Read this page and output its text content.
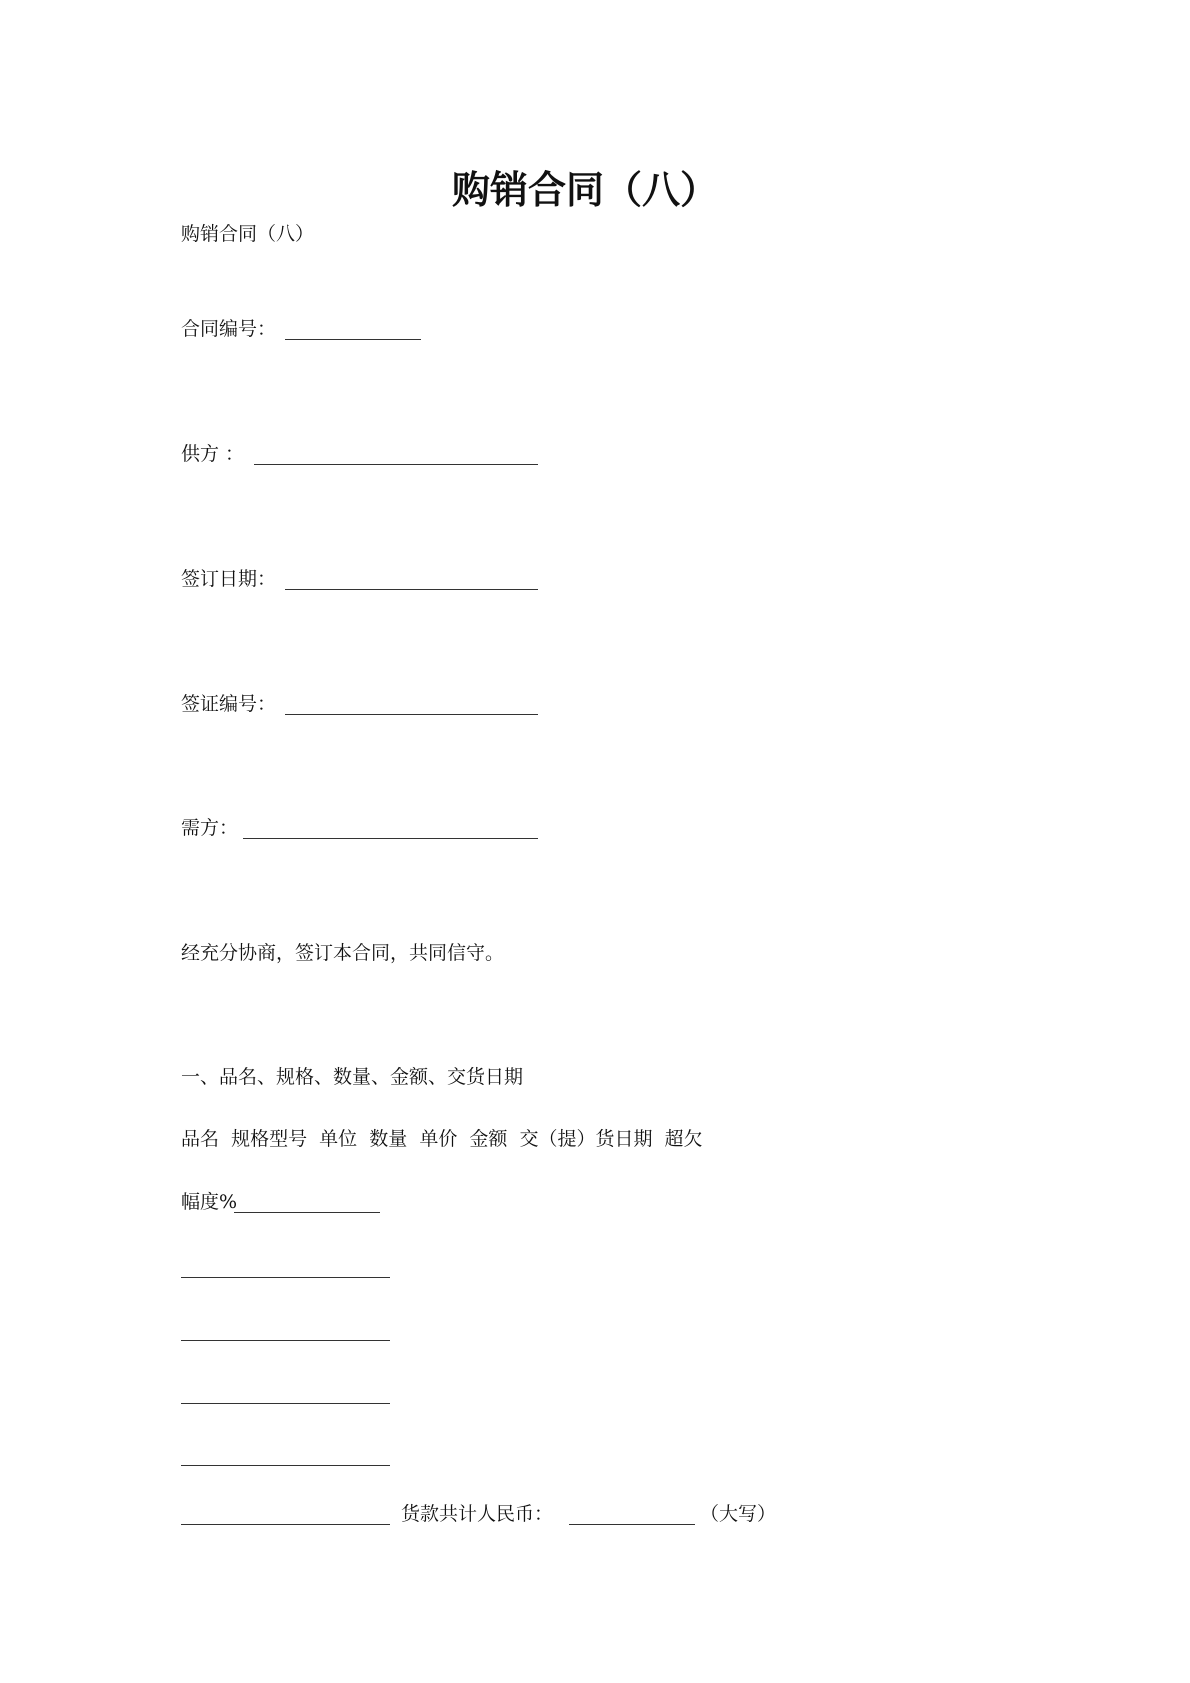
购销合同（八）
购销合同（八）
合同编号：
供方 ：
签订日期：
签证编号：
需方：
经充分协商，签订本合同，共同信守。
一、品名、规格、数量、金额、交货日期
品名  规格型号  单位  数量  单价  金额  交（提）货日期  超欠
幅度%
货款共计人民币：	（大写）
